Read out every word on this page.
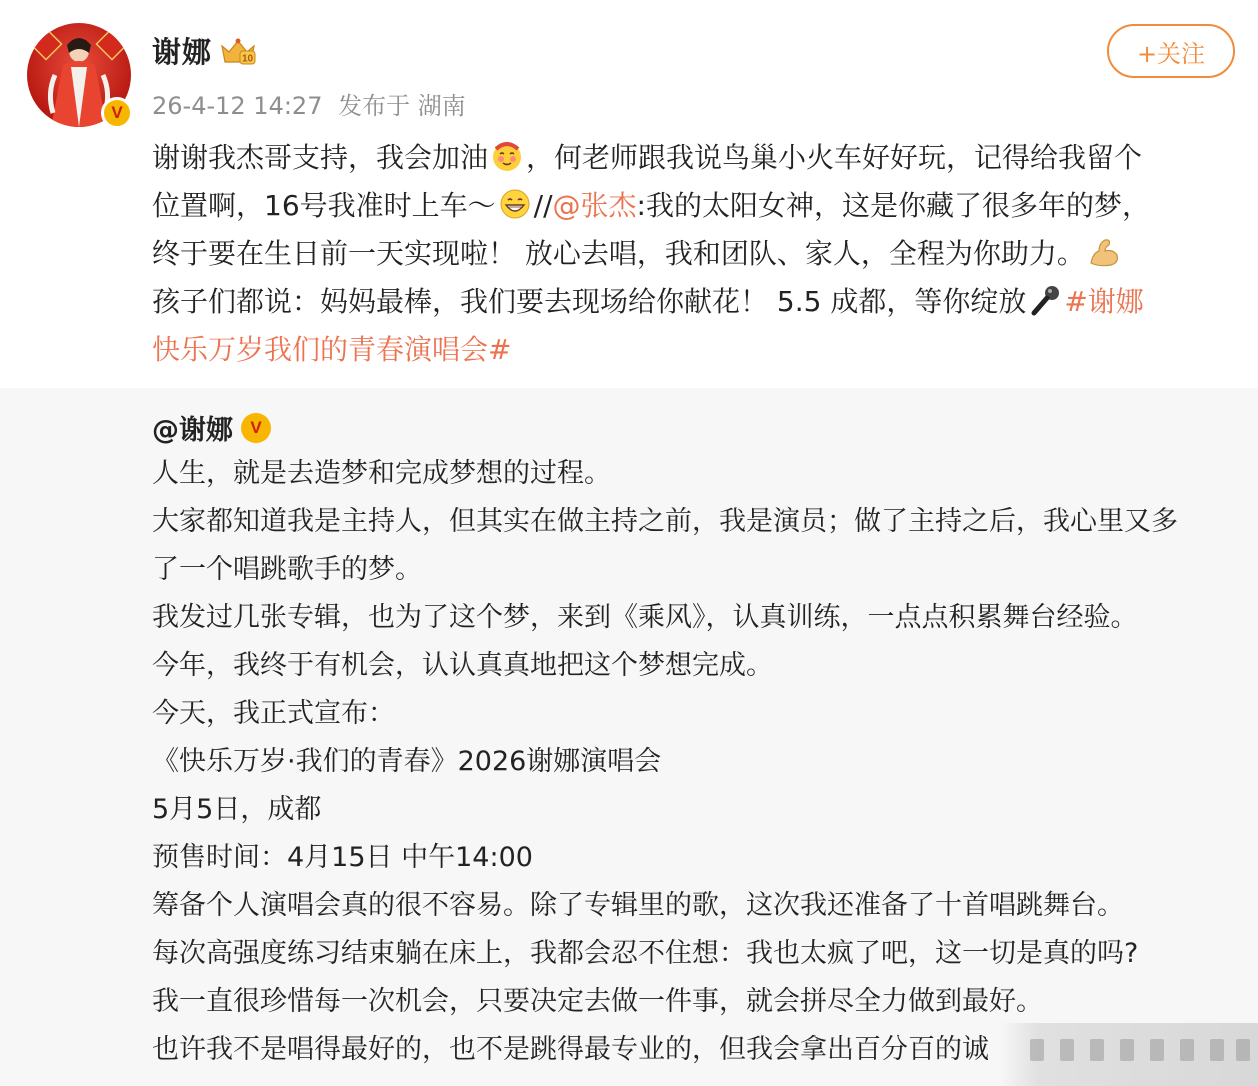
V
谢娜	10
26-4-12 14:27 发布于 湖南
+关注
谢谢我杰哥支持，我会加油 ，何老师跟我说鸟巢小火车好好玩，记得给我留个
位置啊，16号我准时上车～ //@张杰:我的太阳女神，这是你藏了很多年的梦，
终于要在生日前一天实现啦！ 放心去唱，我和团队、家人，全程为你助力。
孩子们都说：妈妈最棒，我们要去现场给你献花！ 5.5 成都，等你绽放 #谢娜
快乐万岁我们的青春演唱会#
@谢娜	V

人生，就是去造梦和完成梦想的过程。

大家都知道我是主持人，但其实在做主持之前，我是演员；做了主持之后，我心里又多

了一个唱跳歌手的梦。

我发过几张专辑，也为了这个梦，来到《乘风》，认真训练，一点点积累舞台经验。

今年，我终于有机会，认认真真地把这个梦想完成。

今天，我正式宣布：

《快乐万岁·我们的青春》2026谢娜演唱会

5月5日，成都

预售时间：4月15日 中午14:00

筹备个人演唱会真的很不容易。除了专辑里的歌，这次我还准备了十首唱跳舞台。

每次高强度练习结束躺在床上，我都会忍不住想：我也太疯了吧，这一切是真的吗?

我一直很珍惜每一次机会，只要决定去做一件事，就会拼尽全力做到最好。

也许我不是唱得最好的，也不是跳得最专业的，但我会拿出百分百的诚
